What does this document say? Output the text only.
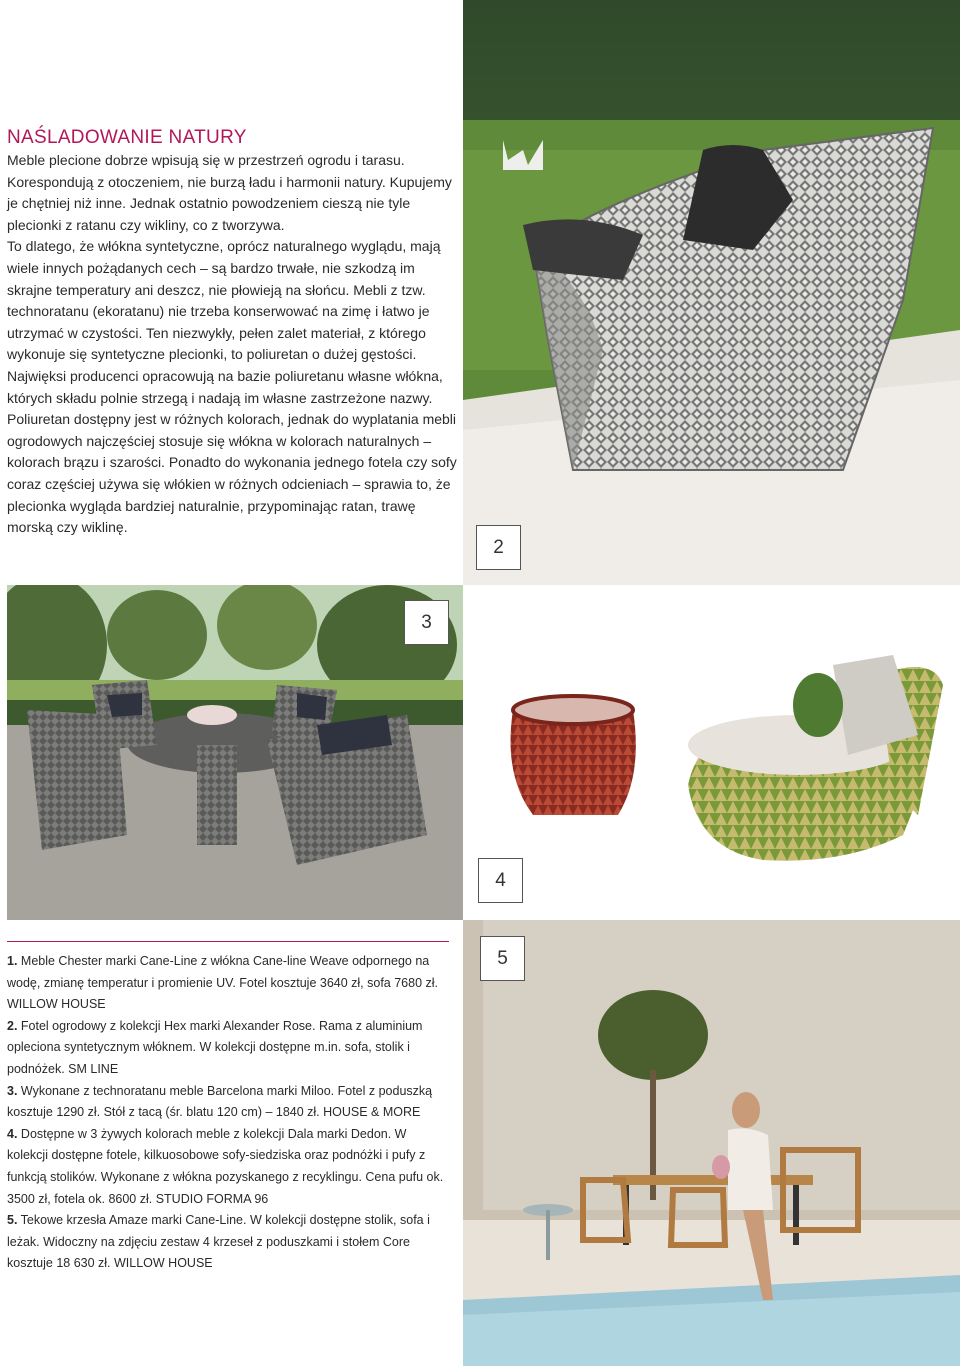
2
3
4
5
NAŚLADOWANIE NATURY

Meble plecione dobrze wpisują się w przestrzeń ogrodu i tarasu. Korespondują z otoczeniem, nie burzą ładu i harmonii natury. Kupujemy je chętniej niż inne. Jednak ostatnio powodzeniem cieszą nie tyle plecionki z ratanu czy wikliny, co z tworzywa.

To dlatego, że włókna syntetyczne, oprócz naturalnego wyglądu, mają wiele innych pożądanych cech – są bardzo trwałe, nie szkodzą im skrajne temperatury ani deszcz, nie płowieją na słońcu. Mebli z tzw. technoratanu (ekoratanu) nie trzeba konserwować na zimę i łatwo je utrzymać w czystości. Ten niezwykły, pełen zalet materiał, z którego wykonuje się syntetyczne plecionki, to poliuretan o dużej gęstości. Najwięksi producenci opracowują na bazie poliuretanu własne włókna, których składu polnie strzegą i nadają im własne zastrzeżone nazwy. Poliuretan dostępny jest w różnych kolorach, jednak do wyplatania mebli ogrodowych najczęściej stosuje się włókna w kolorach naturalnych – kolorach brązu i szarości. Ponadto do wykonania jednego fotela czy sofy coraz częściej używa się włókien w różnych odcieniach – sprawia to, że plecionka wygląda bardziej naturalnie, przypominając ratan, trawę morską czy wiklinę.

1. Meble Chester marki Cane-Line z włókna Cane-line Weave odpornego na wodę, zmianę temperatur i promienie UV. Fotel kosztuje 3640 zł, sofa 7680 zł. WILLOW HOUSE

2. Fotel ogrodowy z kolekcji Hex marki Alexander Rose. Rama z aluminium opleciona syntetycznym włóknem. W kolekcji dostępne m.in. sofa, stolik i podnóżek. SM LINE

3. Wykonane z technoratanu meble Barcelona marki Miloo. Fotel z poduszką kosztuje 1290 zł. Stół z tacą (śr. blatu 120 cm) – 1840 zł. HOUSE & MORE

4. Dostępne w 3 żywych kolorach meble z kolekcji Dala marki Dedon. W kolekcji dostępne fotele, kilkuosobowe sofy-siedziska oraz podnóżki i pufy z funkcją stolików. Wykonane z włókna pozyskanego z recyklingu. Cena pufu ok. 3500 zł, fotela ok. 8600 zł. STUDIO FORMA 96

5. Tekowe krzesła Amaze marki Cane-Line. W kolekcji dostępne stolik, sofa i leżak. Widoczny na zdjęciu zestaw 4 krzeseł z poduszkami i stołem Core kosztuje 18 630 zł. WILLOW HOUSE
